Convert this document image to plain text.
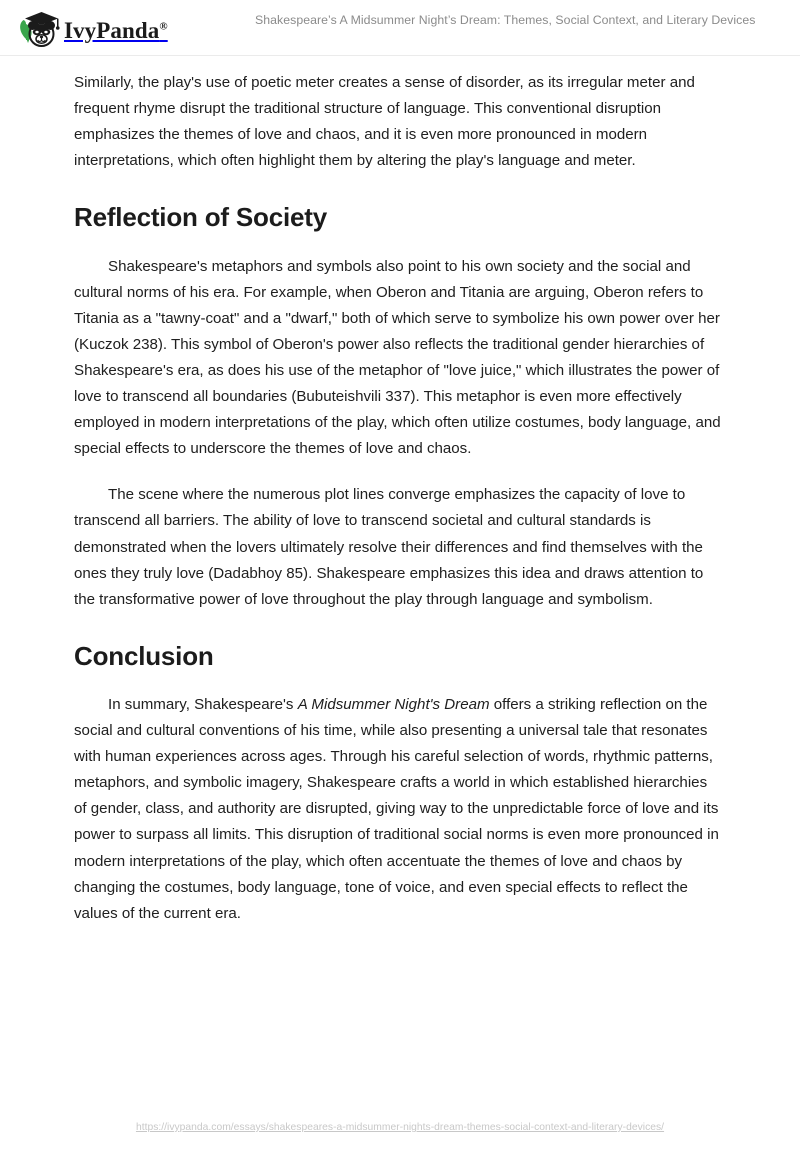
IvyPanda®	Shakespeare’s A Midsummer Night’s Dream: Themes, Social Context, and Literary Devices

Similarly, the play's use of poetic meter creates a sense of disorder, as its irregular meter and frequent rhyme disrupt the traditional structure of language. This conventional disruption emphasizes the themes of love and chaos, and it is even more pronounced in modern interpretations, which often highlight them by altering the play's language and meter.

Reflection of Society

Shakespeare's metaphors and symbols also point to his own society and the social and cultural norms of his era. For example, when Oberon and Titania are arguing, Oberon refers to Titania as a "tawny-coat" and a "dwarf," both of which serve to symbolize his own power over her (Kuczok 238). This symbol of Oberon's power also reflects the traditional gender hierarchies of Shakespeare's era, as does his use of the metaphor of "love juice," which illustrates the power of love to transcend all boundaries (Bubuteishvili 337). This metaphor is even more effectively employed in modern interpretations of the play, which often utilize costumes, body language, and special effects to underscore the themes of love and chaos.

The scene where the numerous plot lines converge emphasizes the capacity of love to transcend all barriers. The ability of love to transcend societal and cultural standards is demonstrated when the lovers ultimately resolve their differences and find themselves with the ones they truly love (Dadabhoy 85). Shakespeare emphasizes this idea and draws attention to the transformative power of love throughout the play through language and symbolism.

Conclusion

In summary, Shakespeare's A Midsummer Night's Dream offers a striking reflection on the social and cultural conventions of his time, while also presenting a universal tale that resonates with human experiences across ages. Through his careful selection of words, rhythmic patterns, metaphors, and symbolic imagery, Shakespeare crafts a world in which established hierarchies of gender, class, and authority are disrupted, giving way to the unpredictable force of love and its power to surpass all limits. This disruption of traditional social norms is even more pronounced in modern interpretations of the play, which often accentuate the themes of love and chaos by changing the costumes, body language, tone of voice, and even special effects to reflect the values of the current era.

https://ivypanda.com/essays/shakespeares-a-midsummer-nights-dream-themes-social-context-and-literary-devices/
